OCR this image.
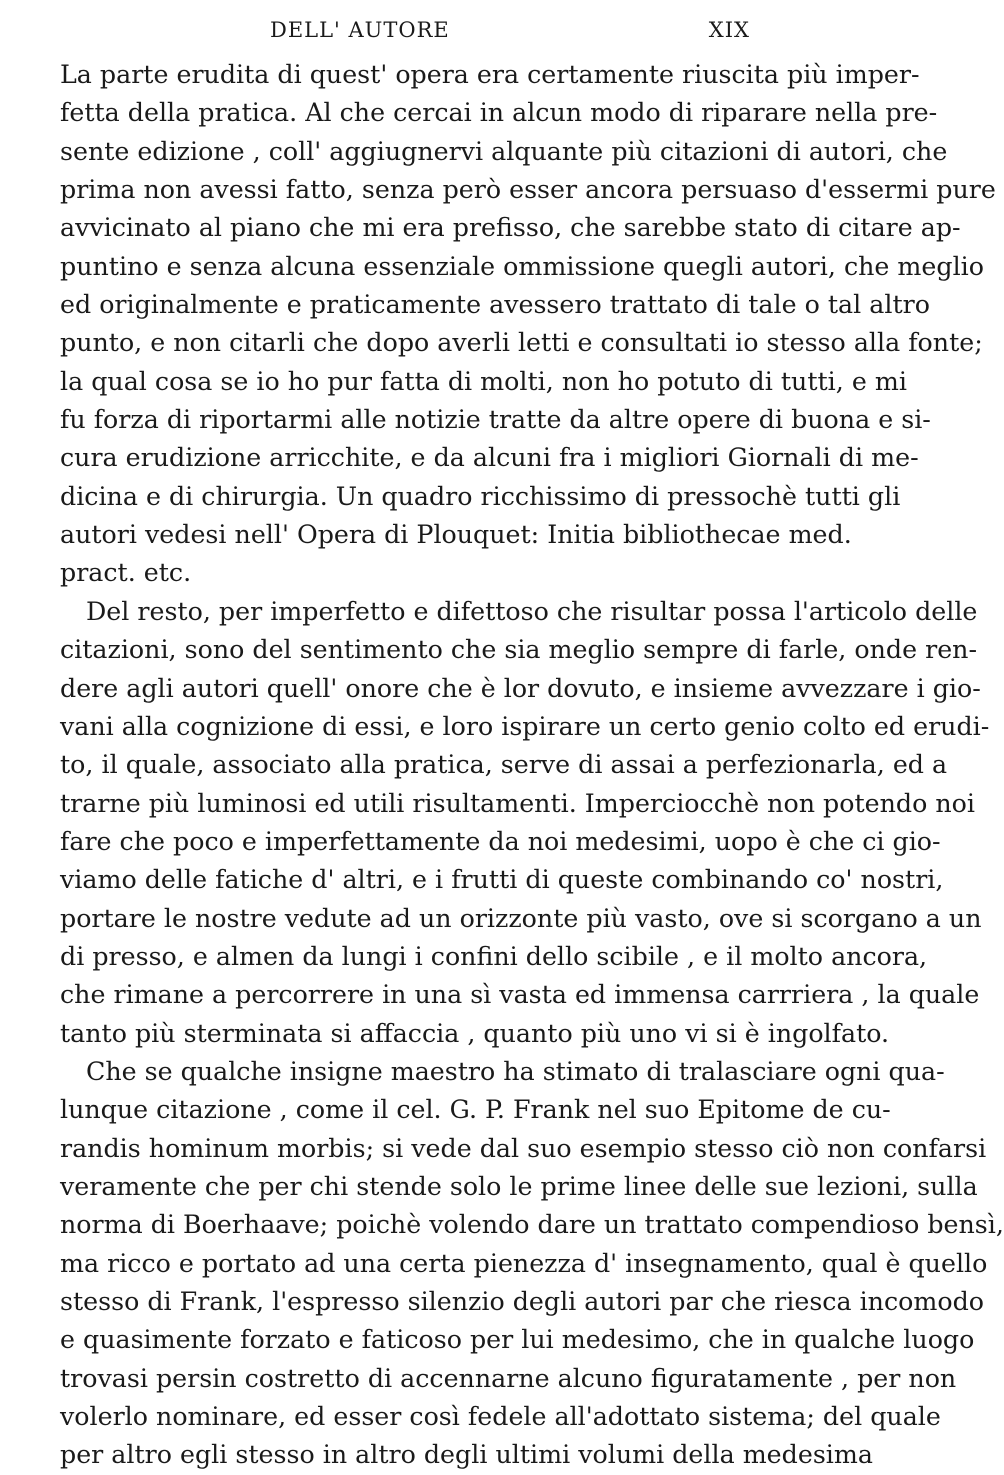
DELL' AUTORE	XIX

La parte erudita di quest' opera era certamente riuscita più imper-
fetta della pratica. Al che cercai in alcun modo di riparare nella pre-
sente edizione , coll' aggiugnervi alquante più citazioni di autori, che
prima non avessi fatto, senza però esser ancora persuaso d'essermi pure
avvicinato al piano che mi era prefisso, che sarebbe stato di citare ap-
puntino e senza alcuna essenziale ommissione quegli autori, che meglio
ed originalmente e praticamente avessero trattato di tale o tal altro
punto, e non citarli che dopo averli letti e consultati io stesso alla fonte;
la qual cosa se io ho pur fatta di molti, non ho potuto di tutti, e mi
fu forza di riportarmi alle notizie tratte da altre opere di buona e si-
cura erudizione arricchite, e da alcuni fra i migliori Giornali di me-
dicina e di chirurgia. Un quadro ricchissimo di pressochè tutti gli
autori vedesi nell' Opera di Plouquet: Initia bibliothecae med.
pract. etc.

Del resto, per imperfetto e difettoso che risultar possa l'articolo delle
citazioni, sono del sentimento che sia meglio sempre di farle, onde ren-
dere agli autori quell' onore che è lor dovuto, e insieme avvezzare i gio-
vani alla cognizione di essi, e loro ispirare un certo genio colto ed erudi-
to, il quale, associato alla pratica, serve di assai a perfezionarla, ed a
trarne più luminosi ed utili risultamenti. Imperciocchè non potendo noi
fare che poco e imperfettamente da noi medesimi, uopo è che ci gio-
viamo delle fatiche d' altri, e i frutti di queste combinando co' nostri,
portare le nostre vedute ad un orizzonte più vasto, ove si scorgano a un
di presso, e almen da lungi i confini dello scibile , e il molto ancora,
che rimane a percorrere in una sì vasta ed immensa carrriera , la quale
tanto più sterminata si affaccia , quanto più uno vi si è ingolfato.

Che se qualche insigne maestro ha stimato di tralasciare ogni qua-
lunque citazione , come il cel. G. P. Frank nel suo Epitome de cu-
randis hominum morbis; si vede dal suo esempio stesso ciò non confarsi
veramente che per chi stende solo le prime linee delle sue lezioni, sulla
norma di Boerhaave; poichè volendo dare un trattato compendioso bensì,
ma ricco e portato ad una certa pienezza d' insegnamento, qual è quello
stesso di Frank, l'espresso silenzio degli autori par che riesca incomodo
e quasimente forzato e faticoso per lui medesimo, che in qualche luogo
trovasi persin costretto di accennarne alcuno figuratamente , per non
volerlo nominare, ed esser così fedele all'adottato sistema; del quale
per altro egli stesso in altro degli ultimi volumi della medesima
